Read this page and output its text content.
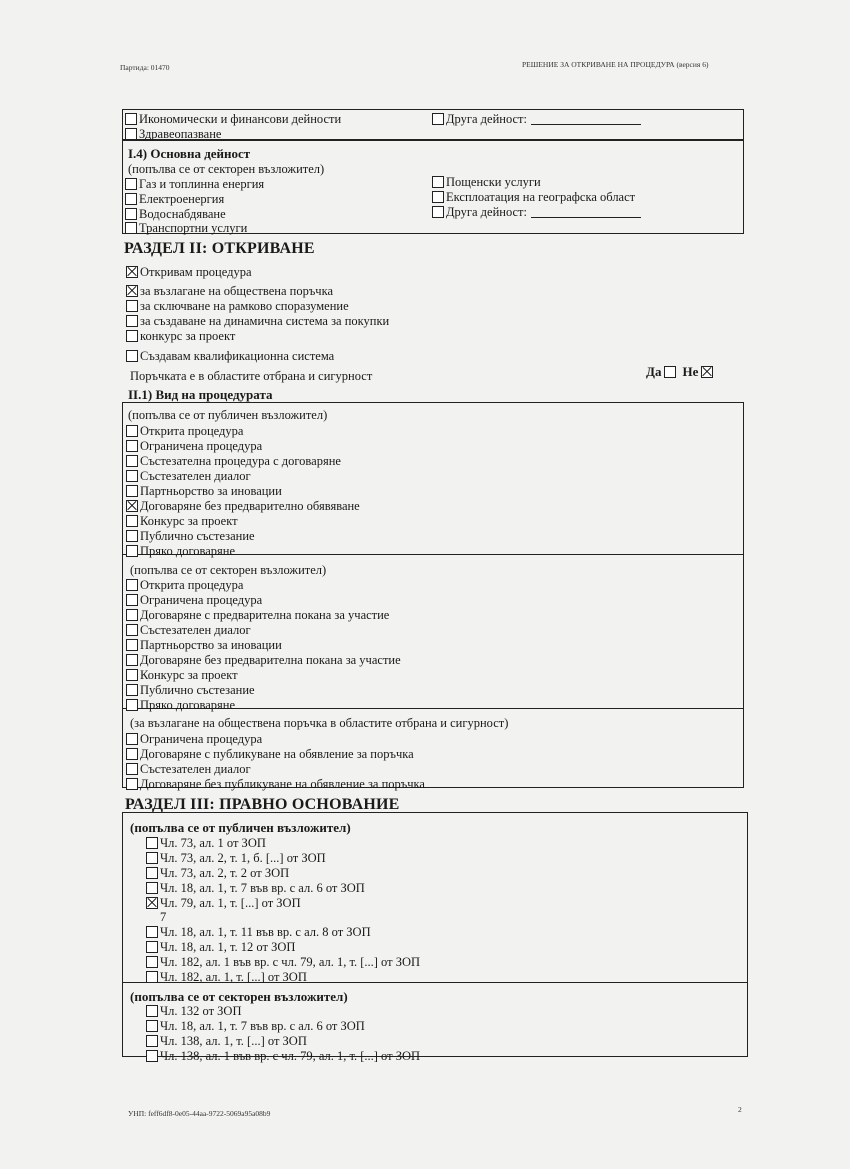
Партида: 01470	РЕШЕНИЕ ЗА ОТКРИВАНЕ НА ПРОЦЕДУРА (версия 6)
Икономически и финансови дейности
Здравеопазване
Друга дейност:
I.4) Основна дейност
(попълва се от секторен възложител)
Газ и топлинна енергия
Електроенергия
Водоснабдяване
Транспортни услуги
Пощенски услуги
Експлоатация на географска област
Друга дейност:
РАЗДЕЛ II: ОТКРИВАНЕ
Откривам процедура
за възлагане на обществена поръчка
за сключване на рамково споразумение
за създаване на динамична система за покупки
конкурс за проект
Създавам квалификационна система
Поръчката е в областите отбрана и сигурност	Да Не
II.1) Вид на процедурата
(попълва се от публичен възложител)
Открита процедура
Ограничена процедура
Състезателна процедура с договаряне
Състезателен диалог
Партньорство за иновации
Договаряне без предварително обявяване
Конкурс за проект
Публично състезание
Пряко договаряне
(попълва се от секторен възложител)
Открита процедура
Ограничена процедура
Договаряне с предварителна покана за участие
Състезателен диалог
Партньорство за иновации
Договаряне без предварителна покана за участие
Конкурс за проект
Публично състезание
Пряко договаряне
(за възлагане на обществена поръчка в областите отбрана и сигурност)
Ограничена процедура
Договаряне с публикуване на обявление за поръчка
Състезателен диалог
Договаряне без публикуване на обявление за поръчка
РАЗДЕЛ III: ПРАВНО ОСНОВАНИЕ
(попълва се от публичен възложител)
Чл. 73, ал. 1 от ЗОП
Чл. 73, ал. 2, т. 1, б. [...] от ЗОП
Чл. 73, ал. 2, т. 2 от ЗОП
Чл. 18, ал. 1, т. 7 във вр. с ал. 6 от ЗОП
Чл. 79, ал. 1, т. [...] от ЗОП
Чл. 18, ал. 1, т. 11 във вр. с ал. 8 от ЗОП
Чл. 18, ал. 1, т. 12 от ЗОП
Чл. 182, ал. 1 във вр. с чл. 79, ал. 1, т. [...] от ЗОП
Чл. 182, ал. 1, т. [...] от ЗОП
7
(попълва се от секторен възложител)
Чл. 132 от ЗОП
Чл. 18, ал. 1, т. 7 във вр. с ал. 6 от ЗОП
Чл. 138, ал. 1, т. [...] от ЗОП
Чл. 138, ал. 1 във вр. с чл. 79, ал. 1, т. [...] от ЗОП
УНП: feff6df8-0e05-44aa-9722-5069a95a08b9	2
